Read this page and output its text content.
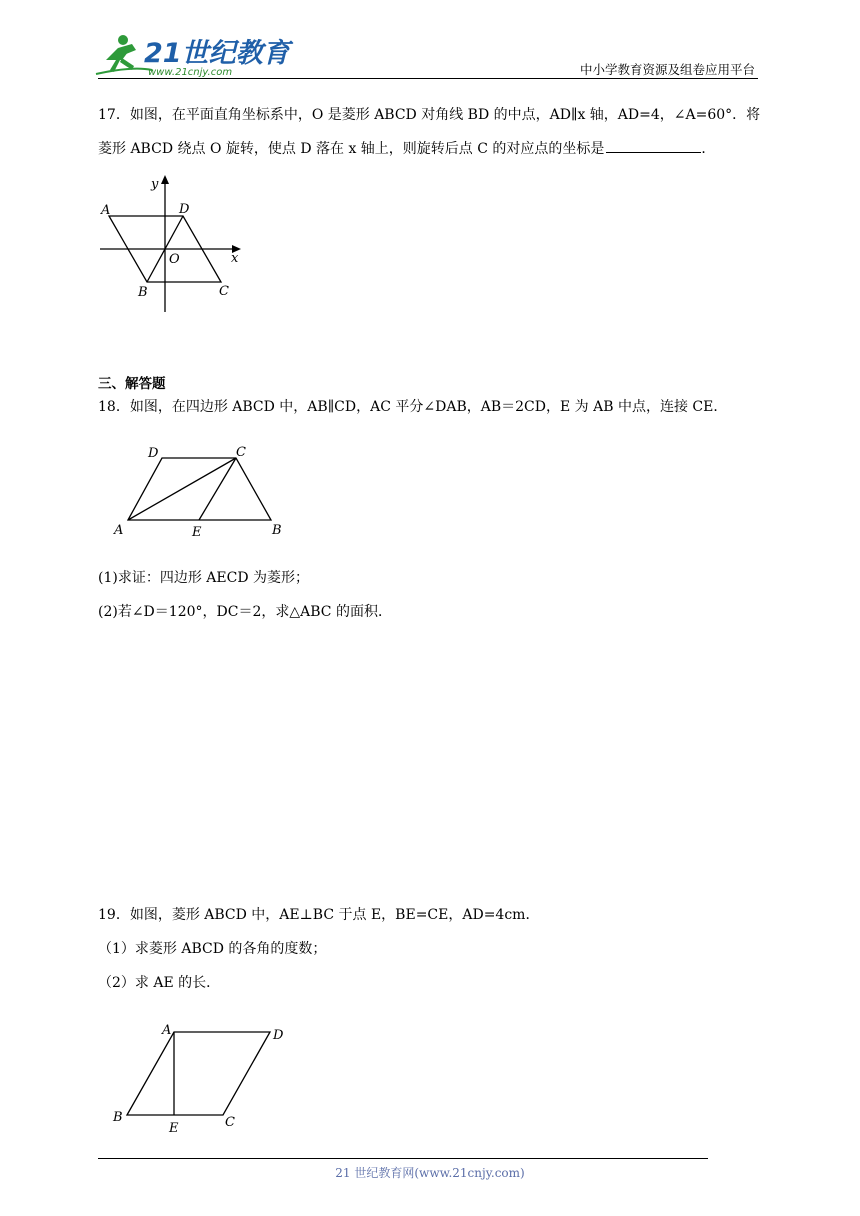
21世纪教育
www.21cnjy.com	中小学教育资源及组卷应用平台
17．如图，在平面直角坐标系中，O 是菱形 ABCD 对角线 BD 的中点，AD∥x 轴，AD=4，∠A=60°．将
菱形 ABCD 绕点 O 旋转，使点 D 落在 x 轴上，则旋转后点 C 的对应点的坐标是	．
y
x
A	D
O
B	C
三、解答题
18．如图，在四边形 ABCD 中，AB∥CD，AC 平分∠DAB，AB＝2CD，E 为 AB 中点，连接 CE．
D	C
A	E	B
(1)求证：四边形 AECD 为菱形；
(2)若∠D＝120°，DC＝2，求△ABC 的面积．
19．如图，菱形 ABCD 中，AE⊥BC 于点 E，BE=CE，AD=4cm．
（1）求菱形 ABCD 的各角的度数；
（2）求 AE 的长．
A	D
B
E	C
21 世纪教育网(www.21cnjy.com)
